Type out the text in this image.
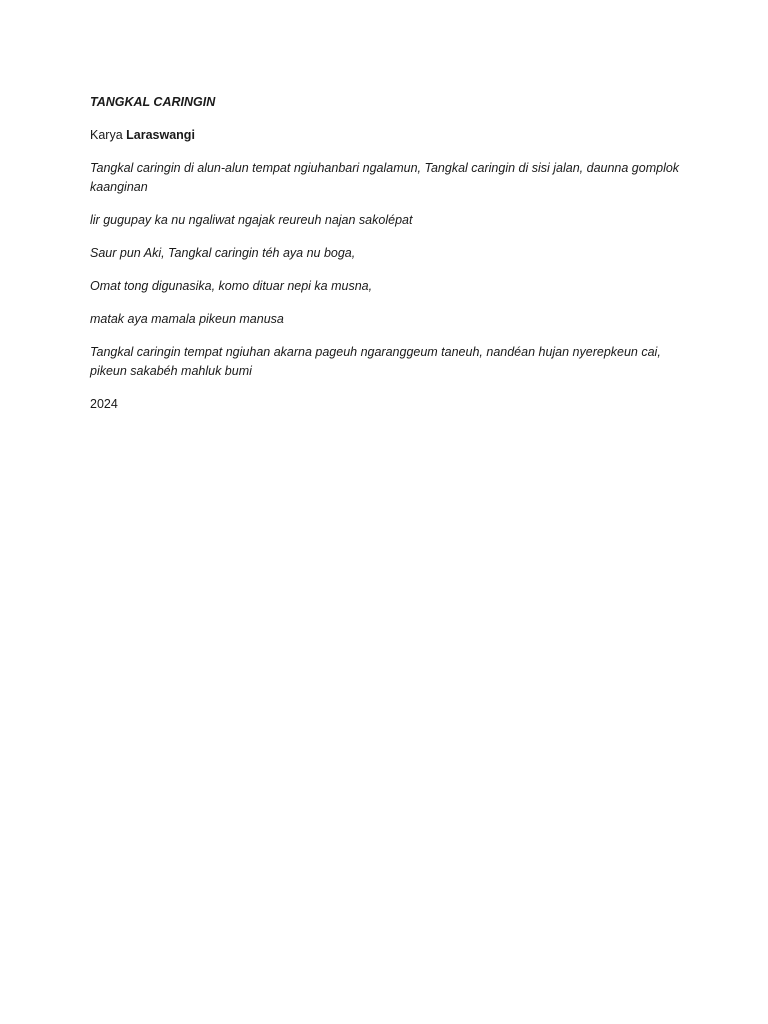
TANGKAL CARINGIN

Karya Laraswangi

Tangkal caringin di alun-alun tempat ngiuhanbari ngalamun, Tangkal caringin di sisi jalan, daunna gomplok kaanginan

lir gugupay ka nu ngaliwat ngajak reureuh najan sakolépat

Saur pun Aki, Tangkal caringin téh aya nu boga,

Omat tong digunasika, komo dituar nepi ka musna,

matak aya mamala pikeun manusa

Tangkal caringin tempat ngiuhan akarna pageuh ngaranggeum taneuh, nandéan hujan nyerepkeun cai, pikeun sakabéh mahluk bumi

2024
